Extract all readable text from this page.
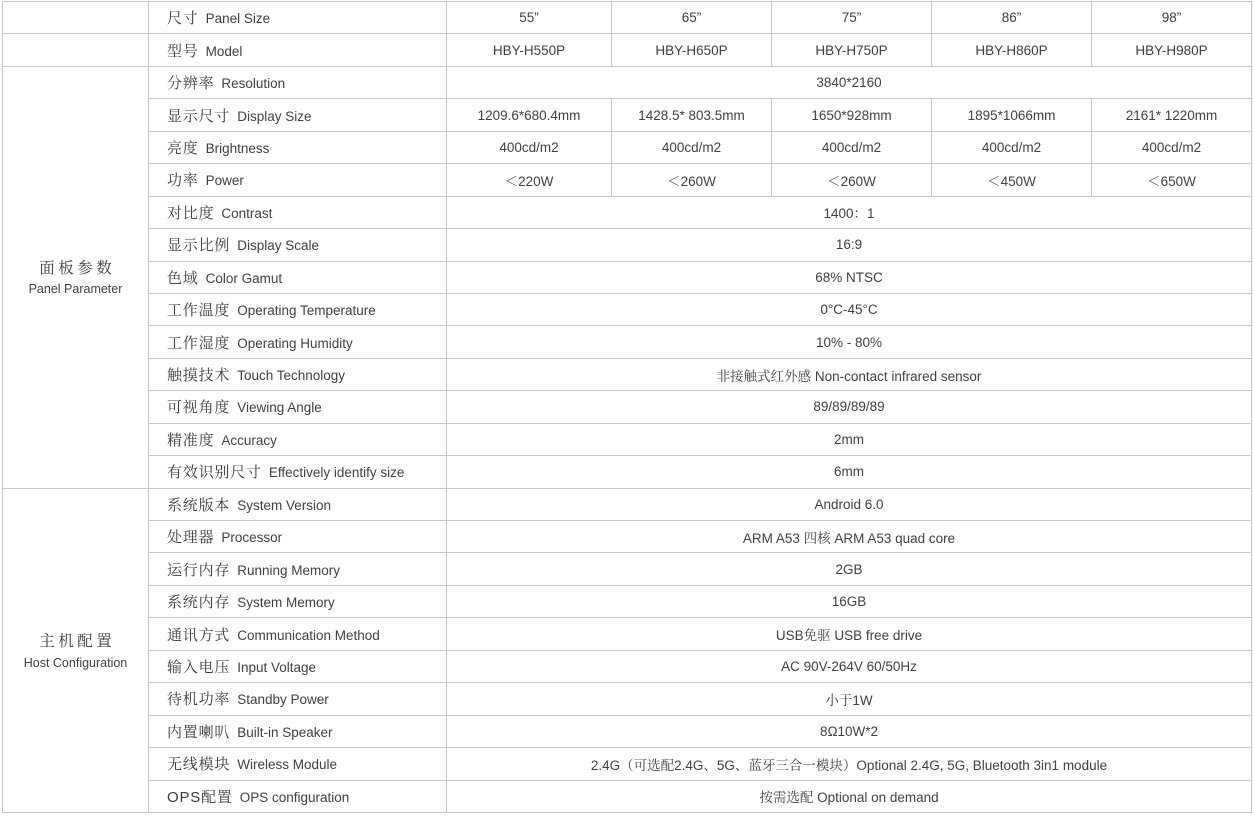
	尺寸 Panel Size	55”	65”	75”	86”	98”
	型号 Model	HBY-H550P	HBY-H650P	HBY-H750P	HBY-H860P	HBY-H980P

面板参数
Panel Parameter	分辨率 Resolution	3840*2160				
	显示尺寸 Display Size	1209.6*680.4mm	1428.5* 803.5mm	1650*928mm	1895*1066mm	2161* 1220mm
	亮度 Brightness	400cd/m2	400cd/m2	400cd/m2	400cd/m2	400cd/m2
	功率 Power	＜220W	＜260W	＜260W	＜450W	＜650W
	对比度 Contrast	1400：1				
	显示比例 Display Scale	16:9				
	色域 Color Gamut	68% NTSC				
	工作温度 Operating Temperature	0°C-45°C				
	工作湿度 Operating Humidity	10% - 80%				
	触摸技术 Touch Technology	非接触式红外感 Non-contact infrared sensor				
	可视角度 Viewing Angle	89/89/89/89				
	精准度 Accuracy	2mm				
	有效识别尺寸 Effectively identify size	6mm				

主机配置
Host Configuration	系统版本 System Version	Android 6.0				
	处理器 Processor	ARM A53 四核 ARM A53 quad core				
	运行内存 Running Memory	2GB				
	系统内存 System Memory	16GB				
	通讯方式 Communication Method	USB免驱 USB free drive				
	输入电压 Input Voltage	AC 90V-264V 60/50Hz				
	待机功率 Standby Power	小于1W				
	内置喇叭 Built-in Speaker	8Ω10W*2				
	无线模块 Wireless Module	2.4G（可选配2.4G、5G、蓝牙三合一模块）Optional 2.4G, 5G, Bluetooth 3in1 module				
	OPS配置 OPS configuration	按需选配 Optional on demand				
